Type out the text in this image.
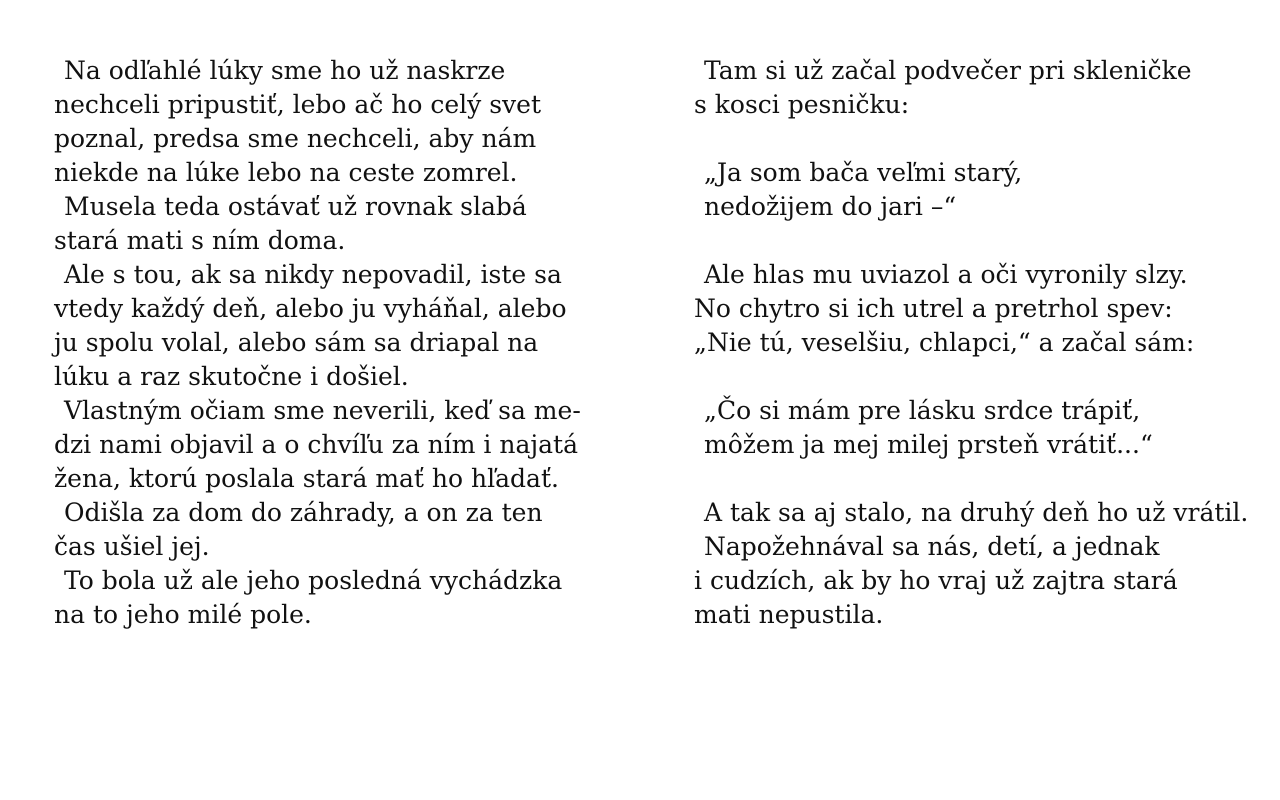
Na odľahlé lúky sme ho už naskrze
nechceli pripustiť, lebo ač ho celý svet
poznal, predsa sme nechceli, aby nám
niekde na lúke lebo na ceste zomrel.
Musela teda ostávať už rovnak slabá
stará mati s ním doma.
Ale s tou, ak sa nikdy nepovadil, iste sa
vtedy každý deň, alebo ju vyháňal, alebo
ju spolu volal, alebo sám sa driapal na
lúku a raz skutočne i došiel.
Vlastným očiam sme neverili, keď sa me-
dzi nami objavil a o chvíľu za ním i najatá
žena, ktorú poslala stará mať ho hľadať.
Odišla za dom do záhrady, a on za ten
čas ušiel jej.
To bola už ale jeho posledná vychádzka
na to jeho milé pole.
Tam si už začal podvečer pri skleničke
s kosci pesničku:
„Ja som bača veľmi starý,
nedožijem do jari –“
Ale hlas mu uviazol a oči vyronily slzy.
No chytro si ich utrel a pretrhol spev:
„Nie tú, veselšiu, chlapci,“ a začal sám:
„Čo si mám pre lásku srdce trápiť,
môžem ja mej milej prsteň vrátiť...“
A tak sa aj stalo, na druhý deň ho už vrátil.
Napožehnával sa nás, detí, a jednak
i cudzích, ak by ho vraj už zajtra stará
mati nepustila.
